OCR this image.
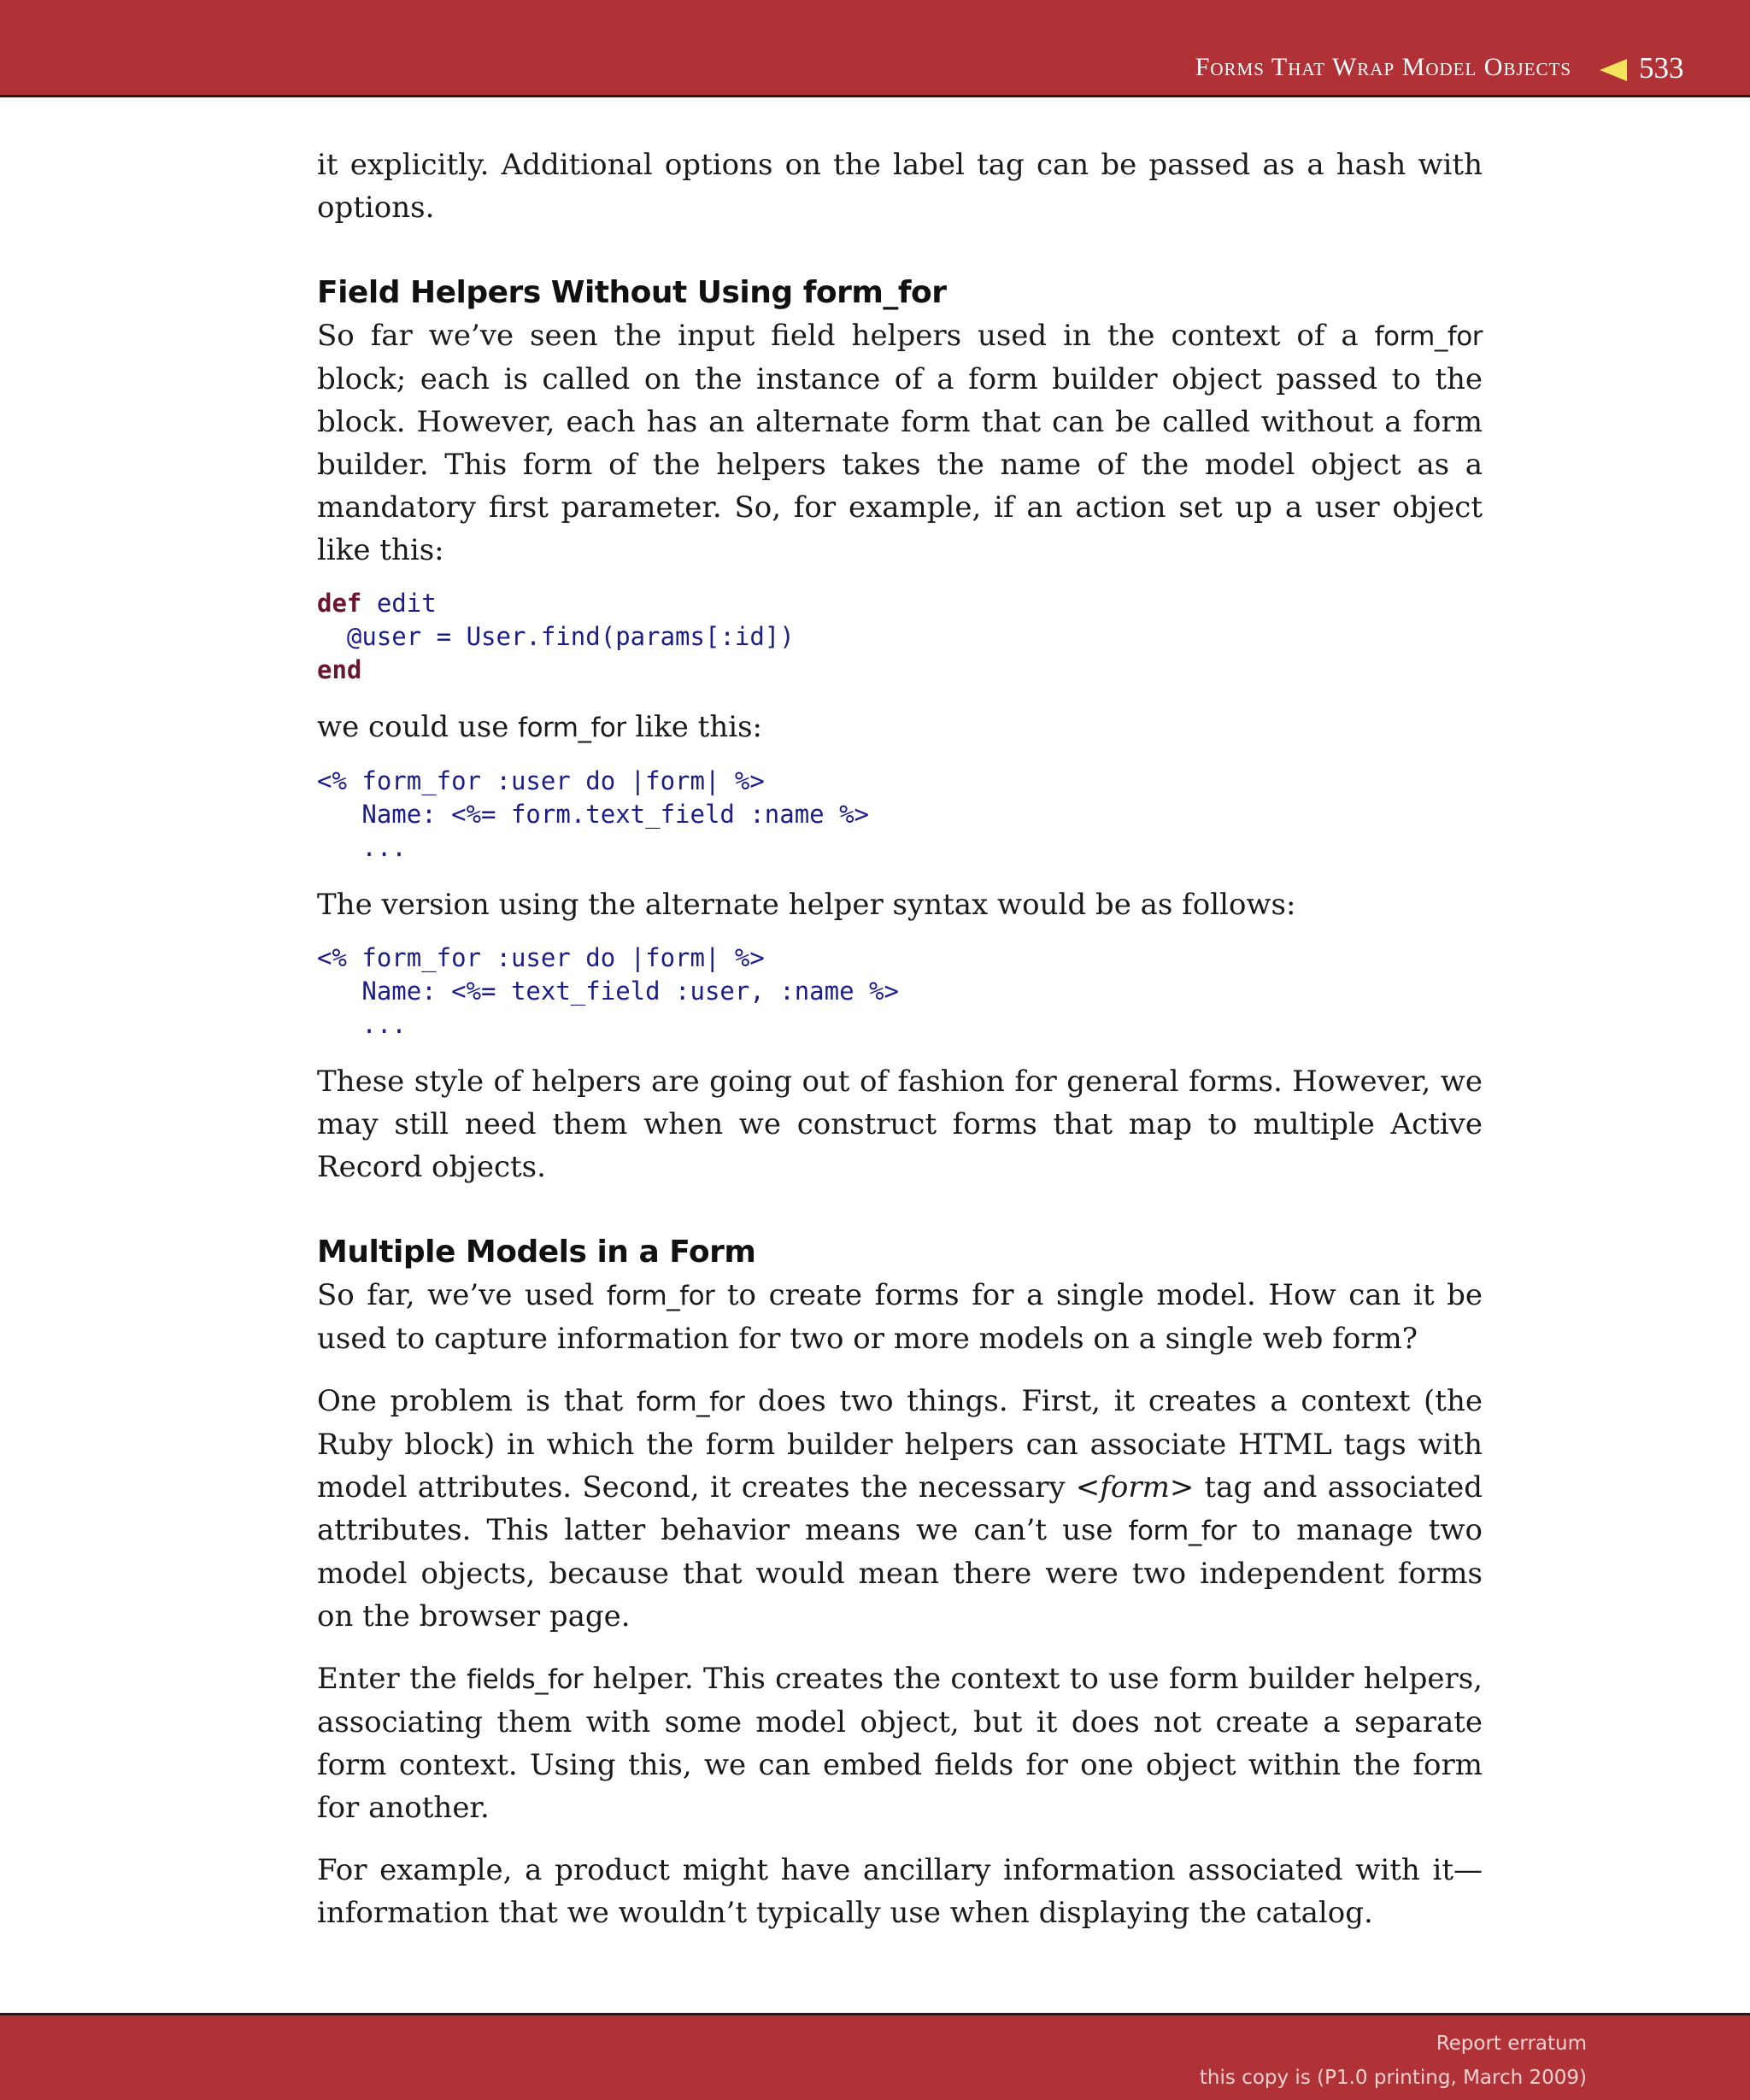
Forms That Wrap Model Objects 533

it explicitly. Additional options on the label tag can be passed as a hash with options.

Field Helpers Without Using form_for

So far we’ve seen the input field helpers used in the context of a form_for block; each is called on the instance of a form builder object passed to the block. However, each has an alternate form that can be called without a form builder. This form of the helpers takes the name of the model object as a mandatory first parameter. So, for example, if an action set up a user object like this:

def edit
@user = User.find(params[:id])
end

we could use form_for like this:

<% form_for :user do |form| %>
Name: <%= form.text_field :name %>
...

The version using the alternate helper syntax would be as follows:

<% form_for :user do |form| %>
Name: <%= text_field :user, :name %>
...

These style of helpers are going out of fashion for general forms. However, we may still need them when we construct forms that map to multiple Active Record objects.

Multiple Models in a Form

So far, we’ve used form_for to create forms for a single model. How can it be used to capture information for two or more models on a single web form?

One problem is that form_for does two things. First, it creates a context (the Ruby block) in which the form builder helpers can associate HTML tags with model attributes. Second, it creates the necessary <form> tag and associated attributes. This latter behavior means we can’t use form_for to manage two model objects, because that would mean there were two independent forms on the browser page.

Enter the fields_for helper. This creates the context to use form builder helpers, associating them with some model object, but it does not create a separate form context. Using this, we can embed fields for one object within the form for another.

For example, a product might have ancillary information associated with it—information that we wouldn’t typically use when displaying the catalog.

Report erratum
this copy is (P1.0 printing, March 2009)
